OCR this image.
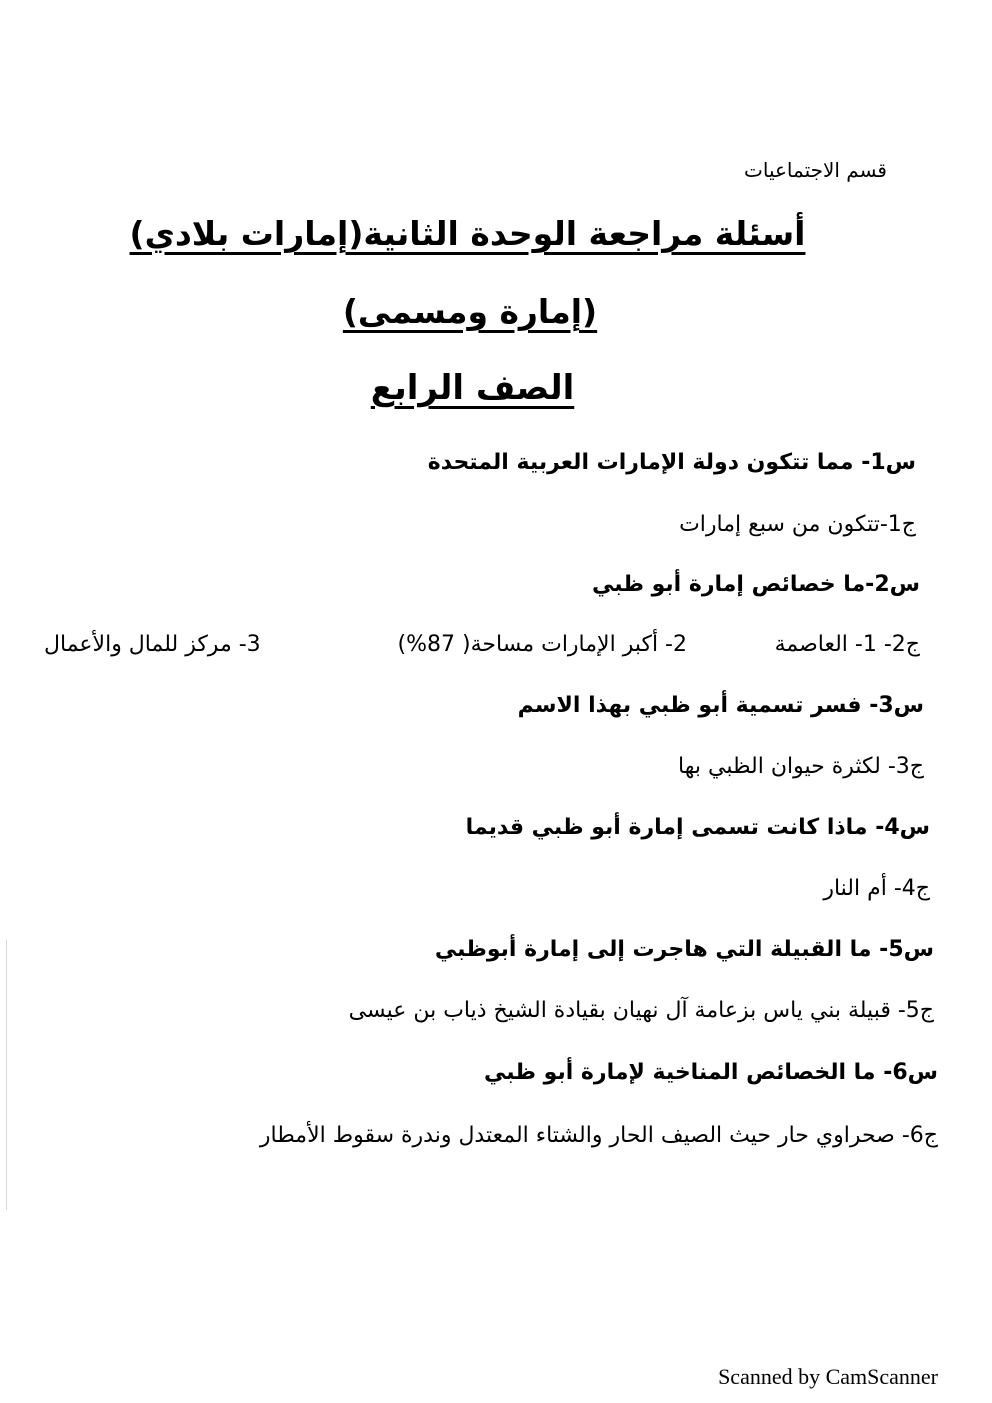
قسم الاجتماعيات
أسئلة مراجعة الوحدة الثانية(إمارات بلادي)
(إمارة ومسمى)
الصف الرابع
س1- مما تتكون دولة الإمارات العربية المتحدة
ج1-تتكون من سبع إمارات
س2-ما خصائص إمارة أبو ظبي
ج2- 1- العاصمة
2- أكبر الإمارات مساحة( 87%)
3- مركز للمال والأعمال
س3- فسر تسمية أبو ظبي بهذا الاسم
ج3- لكثرة حيوان الظبي بها
س4- ماذا كانت تسمى إمارة أبو ظبي قديما
ج4- أم النار
س5- ما القبيلة التي هاجرت إلى إمارة أبوظبي
ج5- قبيلة بني ياس بزعامة آل نهيان بقيادة الشيخ ذياب بن عيسى
س6- ما الخصائص المناخية لإمارة أبو ظبي
ج6- صحراوي حار حيث الصيف الحار والشتاء المعتدل وندرة سقوط الأمطار
Scanned by CamScanner
